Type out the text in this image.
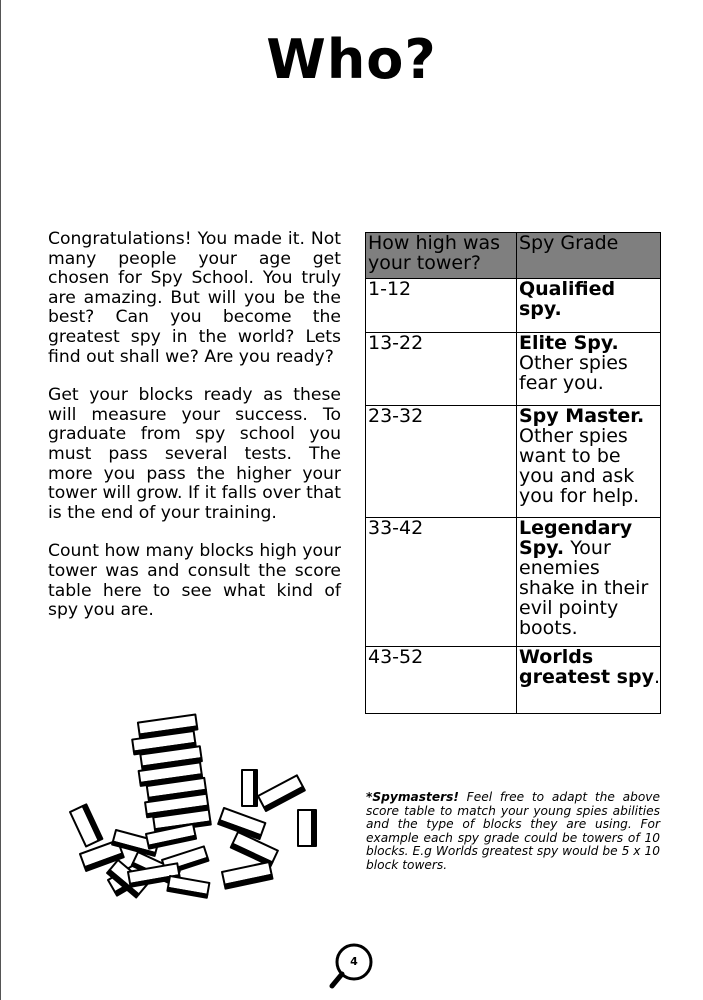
Who?

Congratulations! You made it. Not many people your age get chosen for Spy School. You truly are amazing. But will you be the best? Can you become the greatest spy in the world? Lets find out shall we? Are you ready?

Get your blocks ready as these will measure your success. To graduate from spy school you must pass several tests. The more you pass the higher your tower will grow. If it falls over that is the end of your training.

Count how many blocks high your tower was and consult the score table here to see what kind of spy you are.

How high was your tower?	Spy Grade
1-12	Qualified spy.
13-22	Elite Spy. Other spies fear you.
23-32	Spy Master. Other spies want to be you and ask you for help.
33-42	Legendary Spy. Your enemies shake in their evil pointy boots.
43-52	Worlds greatest spy.
*Spymasters! Feel free to adapt the above score table to match your young spies abilities and the type of blocks they are using. For example each spy grade could be towers of 10 blocks. E.g Worlds greatest spy would be 5 x 10 block towers.
4
